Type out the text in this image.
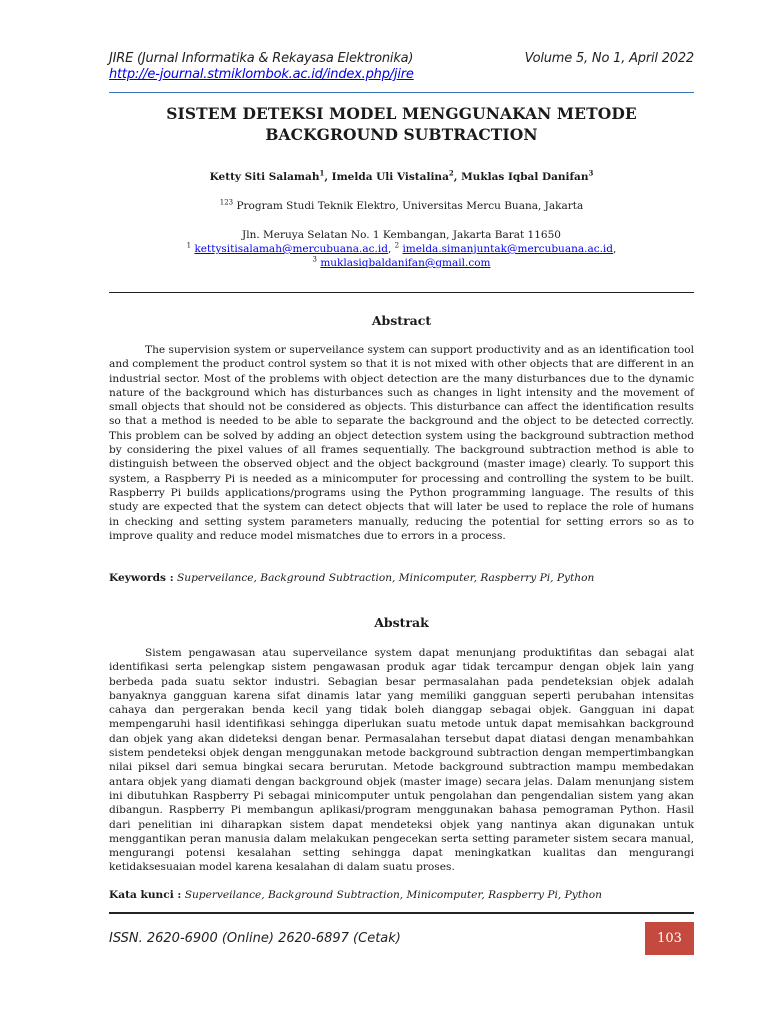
JIRE (Jurnal Informatika & Rekayasa Elektronika)	Volume 5, No 1, April 2022
http://e-journal.stmiklombok.ac.id/index.php/jire
SISTEM DETEKSI MODEL MENGGUNAKAN METODE BACKGROUND SUBTRACTION
Ketty Siti Salamah$^1$, Imelda Uli Vistalina$^2$, Muklas Iqbal Danifan$^3$
$^{123}$ Program Studi Teknik Elektro, Universitas Mercu Buana, Jakarta
Jln. Meruya Selatan No. 1 Kembangan, Jakarta Barat 11650
$^1$ kettysitisalamah@mercubuana.ac.id, $^2$ imelda.simanjuntak@mercubuana.ac.id,
$^3$ muklasiqbaldanifan@gmail.com
Abstract

The supervision system or superveilance system can support productivity and as an identification tool and complement the product control system so that it is not mixed with other objects that are different in an industrial sector. Most of the problems with object detection are the many disturbances due to the dynamic nature of the background which has disturbances such as changes in light intensity and the movement of small objects that should not be considered as objects. This disturbance can affect the identification results so that a method is needed to be able to separate the background and the object to be detected correctly. This problem can be solved by adding an object detection system using the background subtraction method by considering the pixel values of all frames sequentially. The background subtraction method is able to distinguish between the observed object and the object background (master image) clearly. To support this system, a Raspberry Pi is needed as a minicomputer for processing and controlling the system to be built. Raspberry Pi builds applications/programs using the Python programming language. The results of this study are expected that the system can detect objects that will later be used to replace the role of humans in checking and setting system parameters manually, reducing the potential for setting errors so as to improve quality and reduce model mismatches due to errors in a process.

Keywords : Superveilance, Background Subtraction, Minicomputer, Raspberry Pi, Python
Abstrak

Sistem pengawasan atau superveilance system dapat menunjang produktifitas dan sebagai alat identifikasi serta pelengkap sistem pengawasan produk agar tidak tercampur dengan objek lain yang berbeda pada suatu sektor industri. Sebagian besar permasalahan pada pendeteksian objek adalah banyaknya gangguan karena sifat dinamis latar yang memiliki gangguan seperti perubahan intensitas cahaya dan pergerakan benda kecil yang tidak boleh dianggap sebagai objek. Gangguan ini dapat mempengaruhi hasil identifikasi sehingga diperlukan suatu metode untuk dapat memisahkan background dan objek yang akan dideteksi dengan benar. Permasalahan tersebut dapat diatasi dengan menambahkan sistem pendeteksi objek dengan menggunakan metode background subtraction dengan mempertimbangkan nilai piksel dari semua bingkai secara berurutan. Metode background subtraction mampu membedakan antara objek yang diamati dengan background objek (master image) secara jelas. Dalam menunjang sistem ini dibutuhkan Raspberry Pi sebagai minicomputer untuk pengolahan dan pengendalian sistem yang akan dibangun. Raspberry Pi membangun aplikasi/program menggunakan bahasa pemograman Python. Hasil dari penelitian ini diharapkan sistem dapat mendeteksi objek yang nantinya akan digunakan untuk menggantikan peran manusia dalam melakukan pengecekan serta setting parameter sistem secara manual, mengurangi potensi kesalahan setting sehingga dapat meningkatkan kualitas dan mengurangi ketidaksesuaian model karena kesalahan di dalam suatu proses.

Kata kunci : Superveilance, Background Subtraction, Minicomputer, Raspberry Pi, Python
ISSN. 2620-6900 (Online) 2620-6897 (Cetak)	103
